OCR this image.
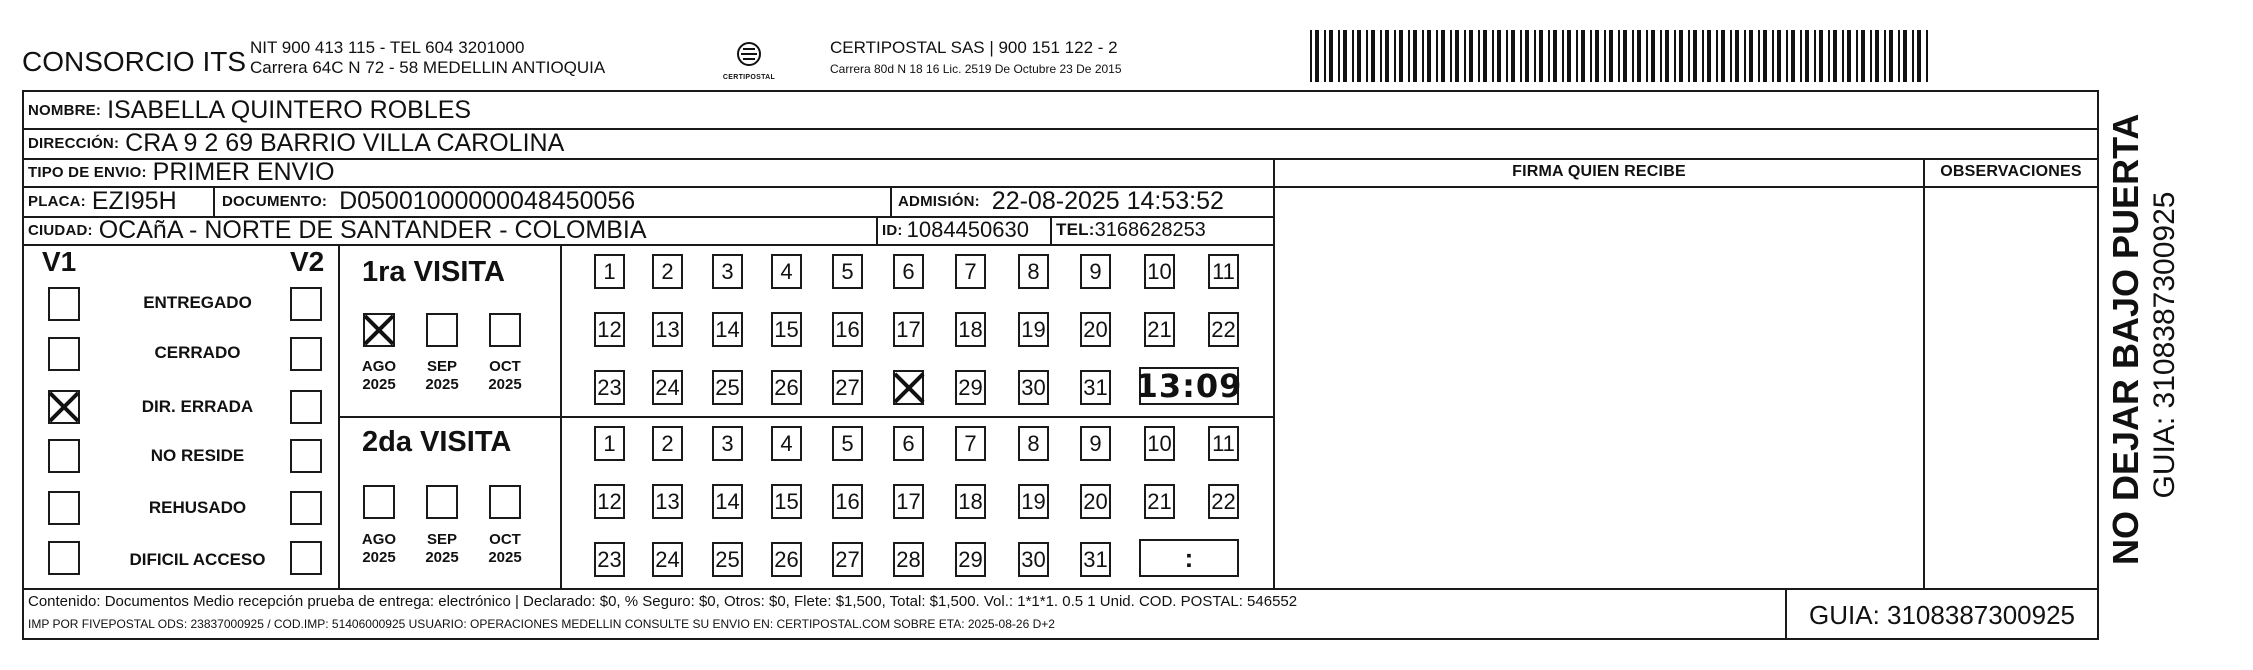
CONSORCIO ITS NIT 900 413 115 - TEL 604 3201000
Carrera 64C N 72 - 58 MEDELLIN ANTIOQUIA
CERTIPOSTAL
CERTIPOSTAL SAS | 900 151 122 - 2
Carrera 80d N 18 16 Lic. 2519 De Octubre 23 De 2015
NOMBRE: ISABELLA QUINTERO ROBLES
DIRECCIÓN: CRA 9 2 69 BARRIO VILLA CAROLINA
TIPO DE ENVIO: PRIMER ENVIO	FIRMA QUIEN RECIBE	OBSERVACIONES
PLACA: EZI95H	DOCUMENTO: D05001000000048450056	ADMISIÓN: 22-08-2025 14:53:52
CIUDAD: OCAñA - NORTE DE SANTANDER - COLOMBIA	ID: 1084450630 TEL: 3168628253
V1	V2
ENTREGADO
CERRADO
DIR. ERRADA
NO RESIDE
REHUSADO
DIFICIL ACCESO
1ra VISITA
AGO
2025
SEP
2025
OCT
2025
1 2 3 4 5 6 7 8 9 10 11
12 13 14 15 16 17 18 19 20 21 22
23 24 25 26 27	29 30 31 13:09
2da VISITA
AGO
2025
SEP
2025
OCT
2025
1 2 3 4 5 6 7 8 9 10 11
12 13 14 15 16 17 18 19 20 21 22
23 24 25 26 27 28 29 30 31	:
Contenido: Documentos Medio recepción prueba de entrega: electrónico | Declarado: $0, % Seguro: $0, Otros: $0, Flete: $1,500, Total: $1,500. Vol.: 1*1*1. 0.5 1 Unid. COD. POSTAL: 546552
IMP POR FIVEPOSTAL ODS: 23837000925 / COD.IMP: 51406000925 USUARIO: OPERACIONES MEDELLIN CONSULTE SU ENVIO EN: CERTIPOSTAL.COM SOBRE ETA: 2025-08-26 D+2	GUIA: 3108387300925
NO DEJAR BAJO PUERTA GUIA: 3108387300925
